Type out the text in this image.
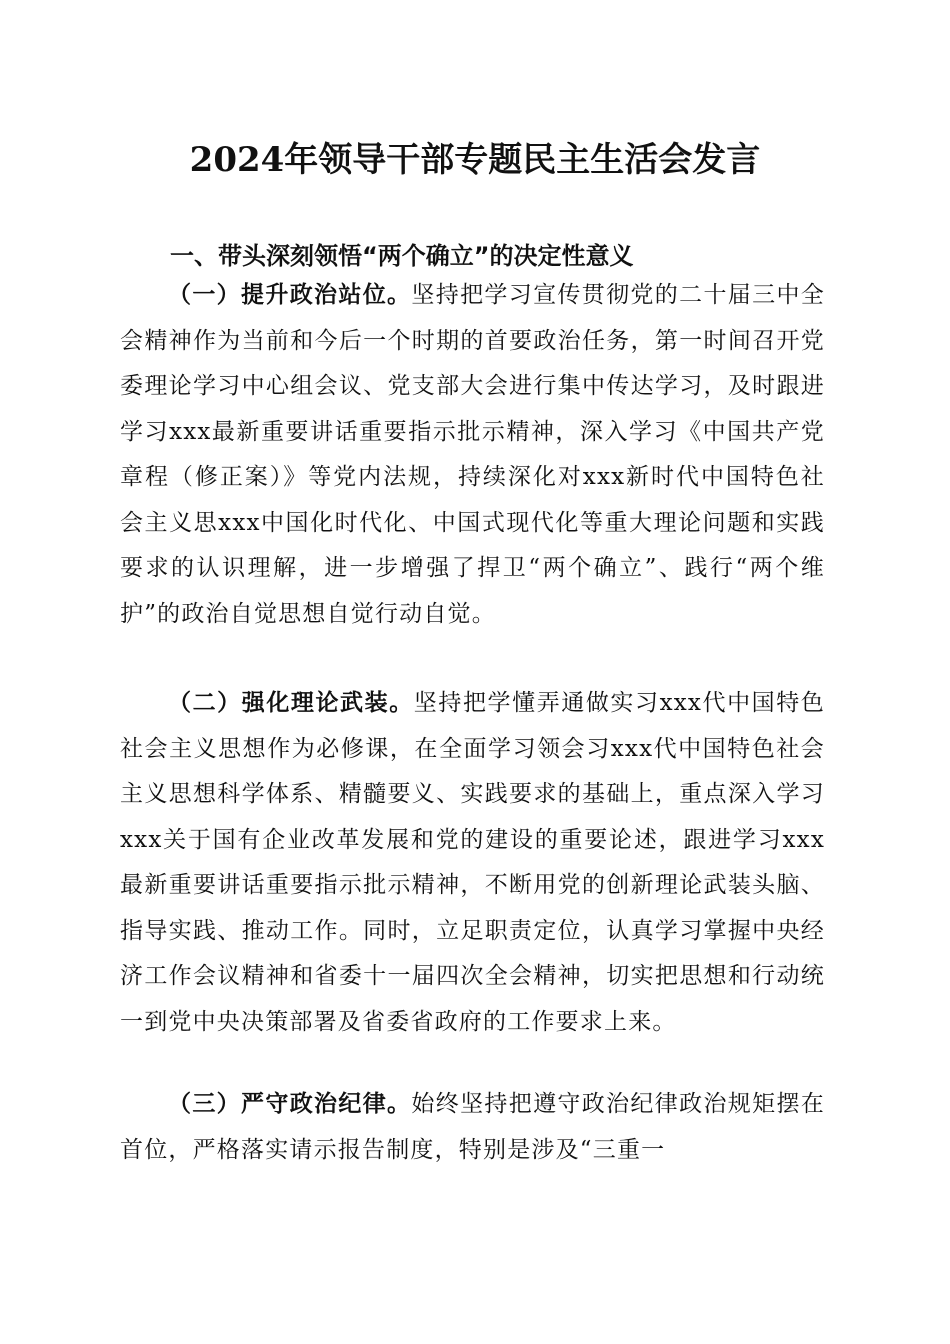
2024年领导干部专题民主生活会发言
一、带头深刻领悟“两个确立”的决定性意义

（一）提升政治站位。坚持把学习宣传贯彻党的二十届三中全会精神作为当前和今后一个时期的首要政治任务，第一时间召开党委理论学习中心组会议、党支部大会进行集中传达学习，及时跟进学习xxx最新重要讲话重要指示批示精神，深入学习《中国共产党章程（修正案）》等党内法规，持续深化对xxx新时代中国特色社会主义思xxx中国化时代化、中国式现代化等重大理论问题和实践要求的认识理解，进一步增强了捍卫“两个确立”、践行“两个维护”的政治自觉思想自觉行动自觉。

（二）强化理论武装。坚持把学懂弄通做实习xxx代中国特色社会主义思想作为必修课，在全面学习领会习xxx代中国特色社会主义思想科学体系、精髓要义、实践要求的基础上，重点深入学习xxx关于国有企业改革发展和党的建设的重要论述，跟进学习xxx最新重要讲话重要指示批示精神，不断用党的创新理论武装头脑、指导实践、推动工作。同时，立足职责定位，认真学习掌握中央经济工作会议精神和省委十一届四次全会精神，切实把思想和行动统一到党中央决策部署及省委省政府的工作要求上来。

（三）严守政治纪律。始终坚持把遵守政治纪律政治规矩摆在首位，严格落实请示报告制度，特别是涉及“三重一
